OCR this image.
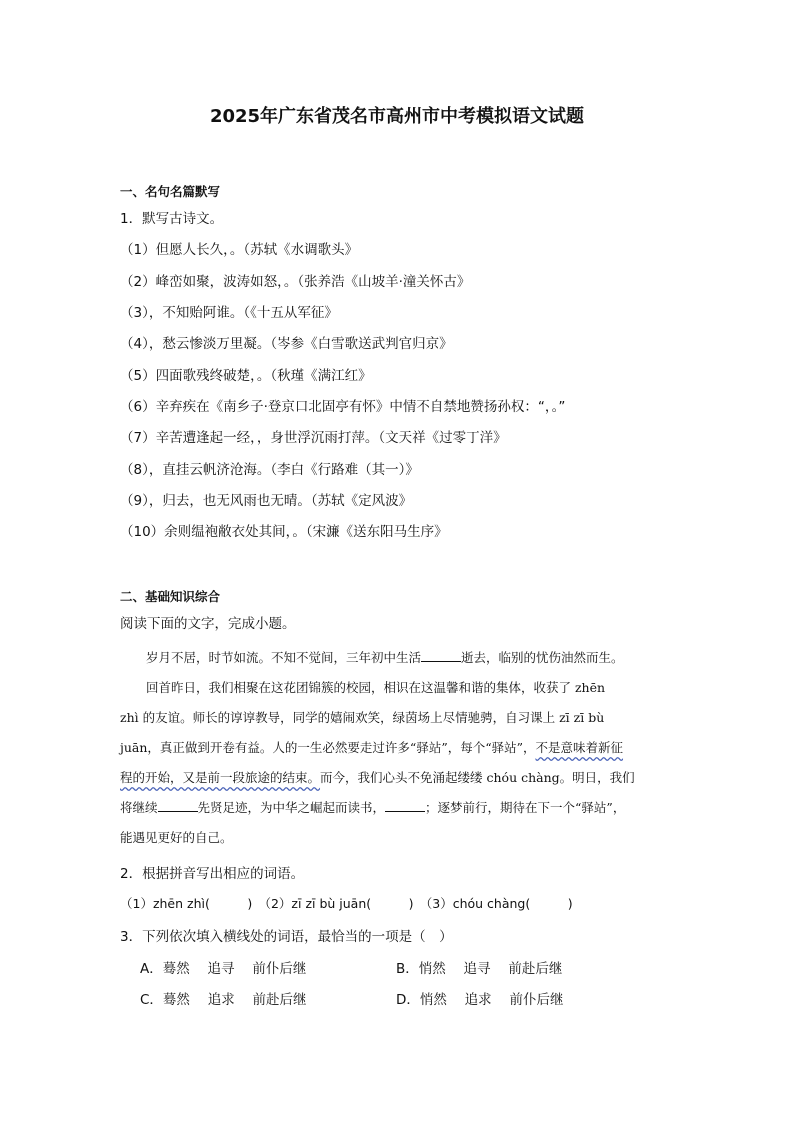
2025年广东省茂名市高州市中考模拟语文试题
一、名句名篇默写
1．默写古诗文。
（1）但愿人长久，。（苏轼《水调歌头》
（2）峰峦如聚，波涛如怒，。（张养浩《山坡羊·潼关怀古》
（3），不知贻阿谁。（《十五从军征》
（4），愁云惨淡万里凝。（岑参《白雪歌送武判官归京》
（5）四面歌残终破楚，。（秋瑾《满江红》
（6）辛弃疾在《南乡子·登京口北固亭有怀》中情不自禁地赞扬孙权：“，。”
（7）辛苦遭逢起一经，，身世浮沉雨打萍。（文天祥《过零丁洋》
（8），直挂云帆济沧海。（李白《行路难（其一）》
（9），归去，也无风雨也无晴。（苏轼《定风波》
（10）余则缊袍敝衣处其间，。（宋濂《送东阳马生序》
二、基础知识综合
阅读下面的文字，完成小题。
岁月不居，时节如流。不知不觉间，三年初中生活	逝去，临别的忧伤油然而生。
回首昨日，我们相聚在这花团锦簇的校园，相识在这温馨和谐的集体，收获了 zhēn
zhì 的友谊。师长的谆谆教导，同学的嬉闹欢笑，绿茵场上尽情驰骋，自习课上 zī zī bù
juān，真正做到开卷有益。人的一生必然要走过许多“驿站”，每个“驿站”，不是意味着新征
程的开始，又是前一段旅途的结束。而今，我们心头不免涌起缕缕 chóu chàng。明日，我们
将继续	先贤足迹，为中华之崛起而读书，	；逐梦前行，期待在下一个“驿站”，
能遇见更好的自己。
2．根据拼音写出相应的词语。
（1）zhēn zhì(　　　)　（2）zī zī bù juān(　　　)　（3）chóu chàng(　　　)
3．下列依次填入横线处的词语，最恰当的一项是（　）
A．蓦然　 追寻　 前仆后继	B．悄然　 追寻　 前赴后继
C．蓦然　 追求　 前赴后继	D．悄然　 追求　 前仆后继
